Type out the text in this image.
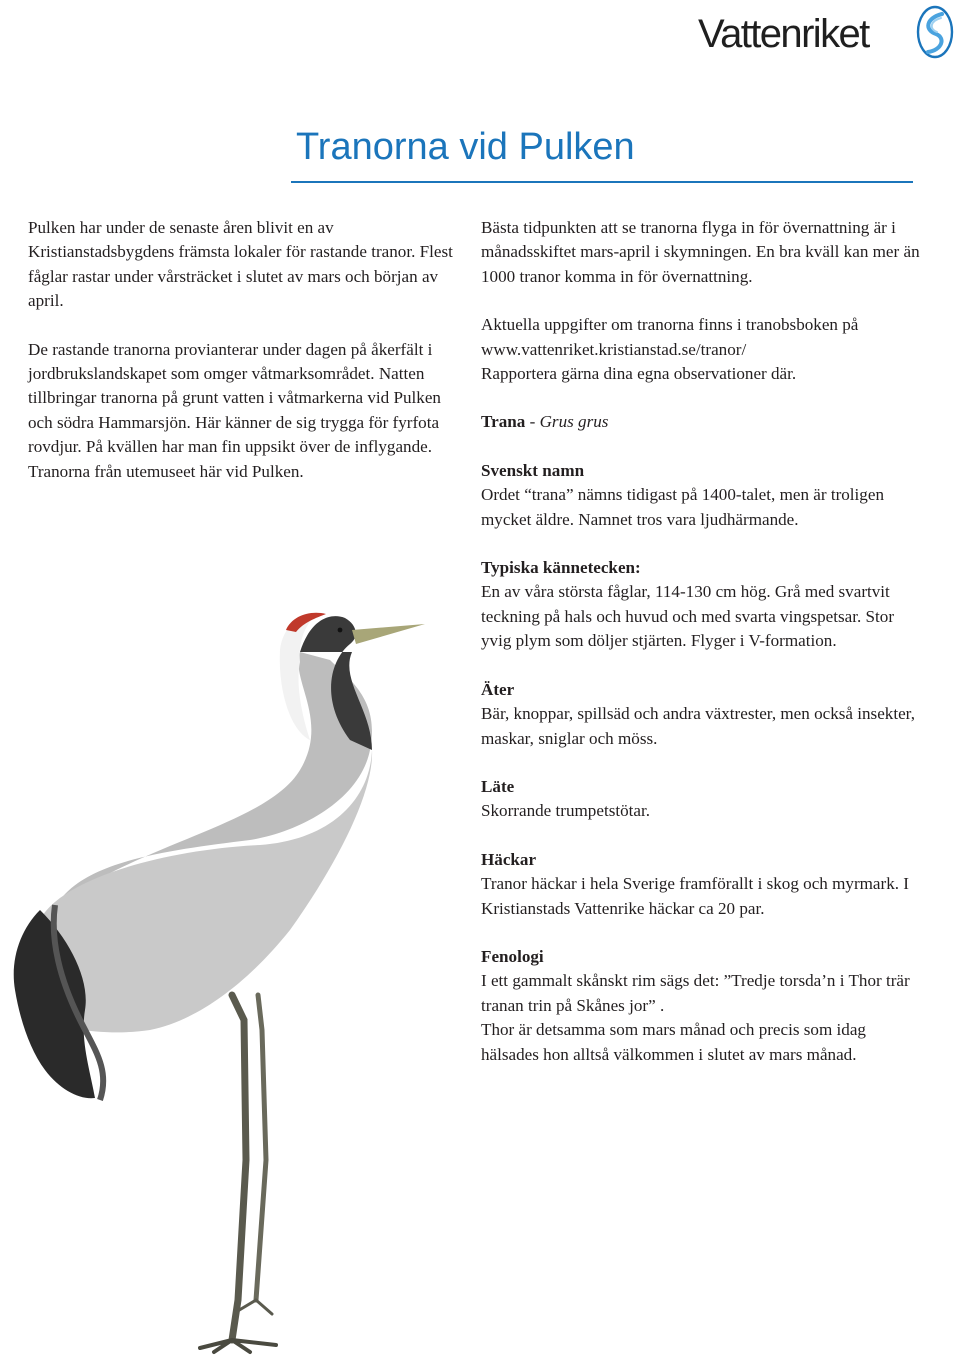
Vattenriket
Tranorna vid Pulken

Pulken har under de senaste åren blivit en av Kristianstadsbygdens främsta lokaler för rastande tranor. Flest fåglar rastar under vårsträcket i slutet av mars och början av april.

De rastande tranorna provianterar under dagen på åkerfält i jordbrukslandskapet som omger våtmarksområdet. Natten tillbringar tranorna på grunt vatten i våtmarkerna vid Pulken och södra Hammarsjön. Här känner de sig trygga för fyrfota rovdjur. På kvällen har man fin uppsikt över de inflygande. Tranorna från utemuseet här vid Pulken.

Bästa tidpunkten att se tranorna flyga in för övernattning är i månadsskiftet mars-april i skymningen. En bra kväll kan mer än 1000 tranor komma in för övernattning.

Aktuella uppgifter om tranorna finns i tranobsboken på www.vattenriket.kristianstad.se/tranor/
Rapportera gärna dina egna observationer där.

Trana - Grus grus

Svenskt namn
Ordet “trana” nämns tidigast på 1400-talet, men är troligen mycket äldre. Namnet tros vara ljudhärmande.
Typiska kännetecken:
En av våra största fåglar, 114-130 cm hög. Grå med svartvit teckning på hals och huvud och med svarta vingspetsar. Stor yvig plym som döljer stjärten. Flyger i V-formation.
Äter
Bär, knoppar, spillsäd och andra växtrester, men också insekter, maskar, sniglar och möss.
Läte
Skorrande trumpetstötar.
Häckar
Tranor häckar i hela Sverige framförallt i skog och myrmark. I Kristianstads Vattenrike häckar ca 20 par.
Fenologi
I ett gammalt skånskt rim sägs det: ”Tredje torsda’n i Thor trär tranan trin på Skånes jor” .
Thor är detsamma som mars månad och precis som idag hälsades hon alltså välkommen i slutet av mars månad.
